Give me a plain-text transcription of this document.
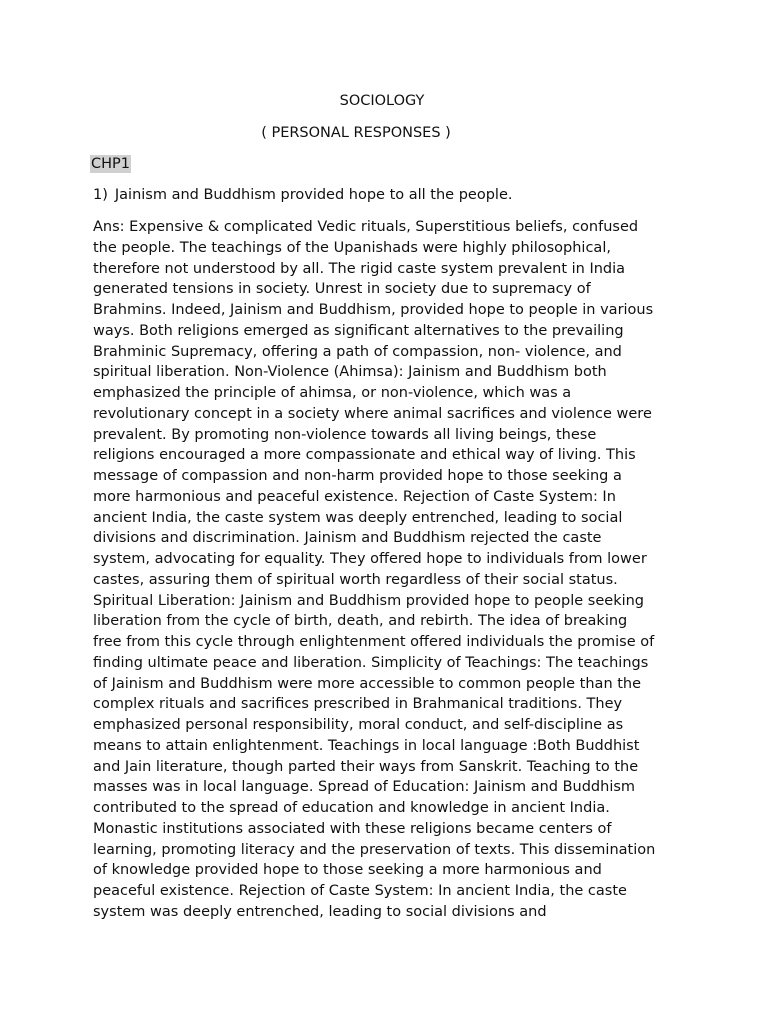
SOCIOLOGY
( PERSONAL RESPONSES )
CHP1
1) Jainism and Buddhism provided hope to all the people.
Ans: Expensive & complicated Vedic rituals, Superstitious beliefs, confused
the people. The teachings of the Upanishads were highly philosophical,
therefore not understood by all. The rigid caste system prevalent in India
generated tensions in society. Unrest in society due to supremacy of
Brahmins. Indeed, Jainism and Buddhism, provided hope to people in various
ways. Both religions emerged as significant alternatives to the prevailing
Brahminic Supremacy, offering a path of compassion, non- violence, and
spiritual liberation. Non-Violence (Ahimsa): Jainism and Buddhism both
emphasized the principle of ahimsa, or non-violence, which was a
revolutionary concept in a society where animal sacrifices and violence were
prevalent. By promoting non-violence towards all living beings, these
religions encouraged a more compassionate and ethical way of living. This
message of compassion and non-harm provided hope to those seeking a
more harmonious and peaceful existence. Rejection of Caste System: In
ancient India, the caste system was deeply entrenched, leading to social
divisions and discrimination. Jainism and Buddhism rejected the caste
system, advocating for equality. They offered hope to individuals from lower
castes, assuring them of spiritual worth regardless of their social status.
Spiritual Liberation: Jainism and Buddhism provided hope to people seeking
liberation from the cycle of birth, death, and rebirth. The idea of breaking
free from this cycle through enlightenment offered individuals the promise of
finding ultimate peace and liberation. Simplicity of Teachings: The teachings
of Jainism and Buddhism were more accessible to common people than the
complex rituals and sacrifices prescribed in Brahmanical traditions. They
emphasized personal responsibility, moral conduct, and self-discipline as
means to attain enlightenment. Teachings in local language :Both Buddhist
and Jain literature, though parted their ways from Sanskrit. Teaching to the
masses was in local language. Spread of Education: Jainism and Buddhism
contributed to the spread of education and knowledge in ancient India.
Monastic institutions associated with these religions became centers of
learning, promoting literacy and the preservation of texts. This dissemination
of knowledge provided hope to those seeking a more harmonious and
peaceful existence. Rejection of Caste System: In ancient India, the caste
system was deeply entrenched, leading to social divisions and
